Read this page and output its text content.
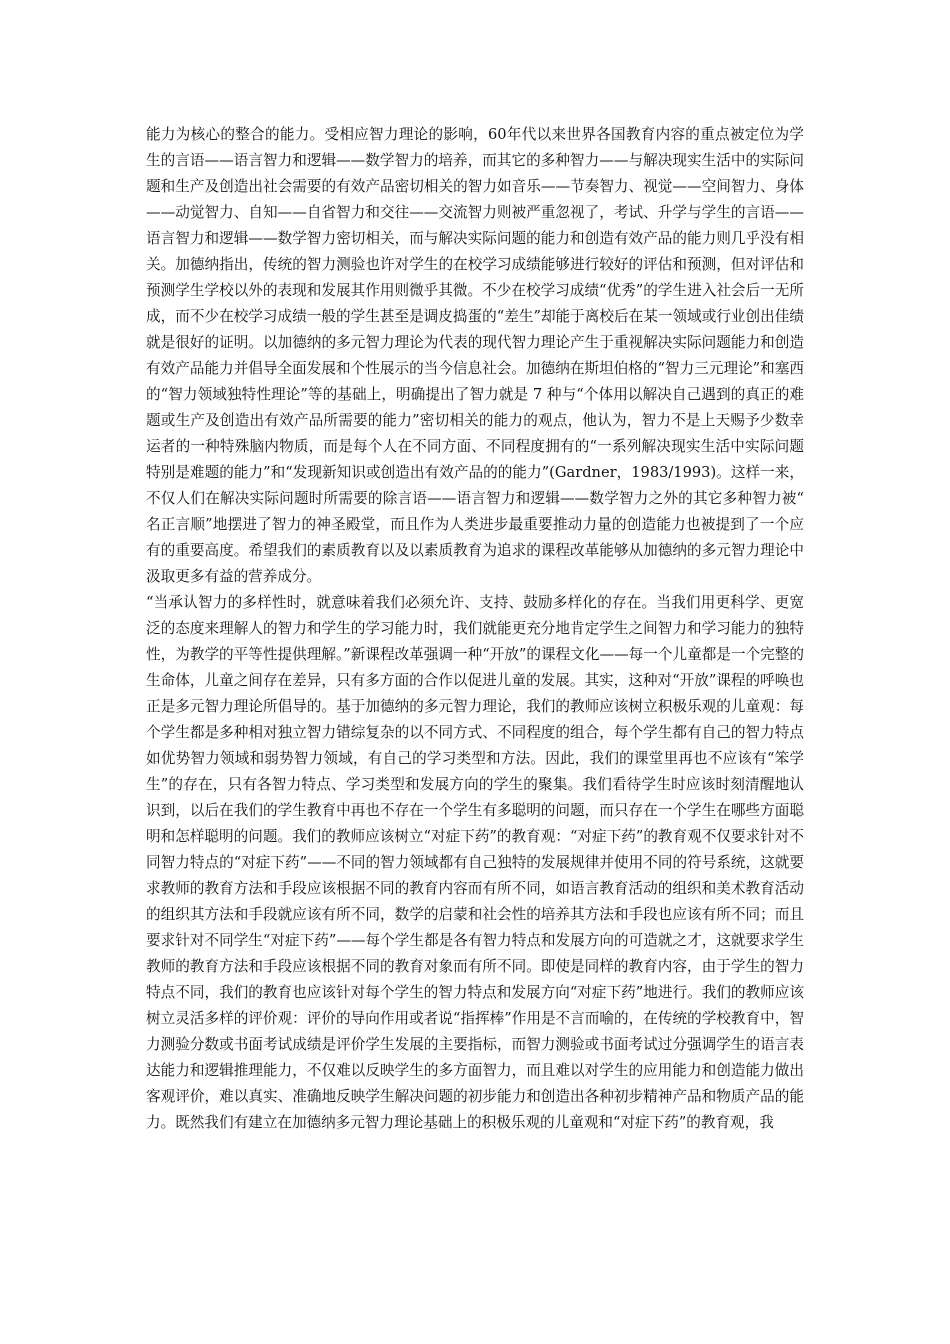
能力为核心的整合的能力。受相应智力理论的影响，60年代以来世界各国教育内容的重点被定位为学生的言语——语言智力和逻辑——数学智力的培养，而其它的多种智力——与解决现实生活中的实际问题和生产及创造出社会需要的有效产品密切相关的智力如音乐——节奏智力、视觉——空间智力、身体——动觉智力、自知——自省智力和交往——交流智力则被严重忽视了，考试、升学与学生的言语——语言智力和逻辑——数学智力密切相关，而与解决实际问题的能力和创造有效产品的能力则几乎没有相关。加德纳指出，传统的智力测验也许对学生的在校学习成绩能够进行较好的评估和预测，但对评估和预测学生学校以外的表现和发展其作用则微乎其微。不少在校学习成绩“优秀”的学生进入社会后一无所成，而不少在校学习成绩一般的学生甚至是调皮捣蛋的“差生”却能于离校后在某一领域或行业创出佳绩就是很好的证明。以加德纳的多元智力理论为代表的现代智力理论产生于重视解决实际问题能力和创造有效产品能力并倡导全面发展和个性展示的当今信息社会。加德纳在斯坦伯格的“智力三元理论”和塞西的“智力领域独特性理论”等的基础上，明确提出了智力就是 7 种与“个体用以解决自己遇到的真正的难题或生产及创造出有效产品所需要的能力”密切相关的能力的观点，他认为，智力不是上天赐予少数幸运者的一种特殊脑内物质，而是每个人在不同方面、不同程度拥有的“一系列解决现实生活中实际问题特别是难题的能力”和“发现新知识或创造出有效产品的的能力”(Gardner，1983/1993)。这样一来，不仅人们在解决实际问题时所需要的除言语——语言智力和逻辑——数学智力之外的其它多种智力被“名正言顺”地摆进了智力的神圣殿堂，而且作为人类进步最重要推动力量的创造能力也被提到了一个应有的重要高度。希望我们的素质教育以及以素质教育为追求的课程改革能够从加德纳的多元智力理论中汲取更多有益的营养成分。

“当承认智力的多样性时，就意味着我们必须允许、支持、鼓励多样化的存在。当我们用更科学、更宽泛的态度来理解人的智力和学生的学习能力时，我们就能更充分地肯定学生之间智力和学习能力的独特性，为教学的平等性提供理解。”新课程改革强调一种“开放”的课程文化——每一个儿童都是一个完整的生命体，儿童之间存在差异，只有多方面的合作以促进儿童的发展。其实，这种对“开放”课程的呼唤也正是多元智力理论所倡导的。基于加德纳的多元智力理论，我们的教师应该树立积极乐观的儿童观：每个学生都是多种相对独立智力错综复杂的以不同方式、不同程度的组合，每个学生都有自己的智力特点如优势智力领域和弱势智力领域，有自己的学习类型和方法。因此，我们的课堂里再也不应该有“笨学生”的存在，只有各智力特点、学习类型和发展方向的学生的聚集。我们看待学生时应该时刻清醒地认识到，以后在我们的学生教育中再也不存在一个学生有多聪明的问题，而只存在一个学生在哪些方面聪明和怎样聪明的问题。我们的教师应该树立“对症下药”的教育观：“对症下药”的教育观不仅要求针对不同智力特点的“对症下药”——不同的智力领域都有自己独特的发展规律并使用不同的符号系统，这就要求教师的教育方法和手段应该根据不同的教育内容而有所不同，如语言教育活动的组织和美术教育活动的组织其方法和手段就应该有所不同，数学的启蒙和社会性的培养其方法和手段也应该有所不同；而且要求针对不同学生“对症下药”——每个学生都是各有智力特点和发展方向的可造就之才，这就要求学生教师的教育方法和手段应该根据不同的教育对象而有所不同。即使是同样的教育内容，由于学生的智力特点不同，我们的教育也应该针对每个学生的智力特点和发展方向“对症下药”地进行。我们的教师应该树立灵活多样的评价观：评价的导向作用或者说“指挥棒”作用是不言而喻的，在传统的学校教育中，智力测验分数或书面考试成绩是评价学生发展的主要指标，而智力测验或书面考试过分强调学生的语言表达能力和逻辑推理能力，不仅难以反映学生的多方面智力，而且难以对学生的应用能力和创造能力做出客观评价，难以真实、准确地反映学生解决问题的初步能力和创造出各种初步精神产品和物质产品的能力。既然我们有建立在加德纳多元智力理论基础上的积极乐观的儿童观和“对症下药”的教育观，我
